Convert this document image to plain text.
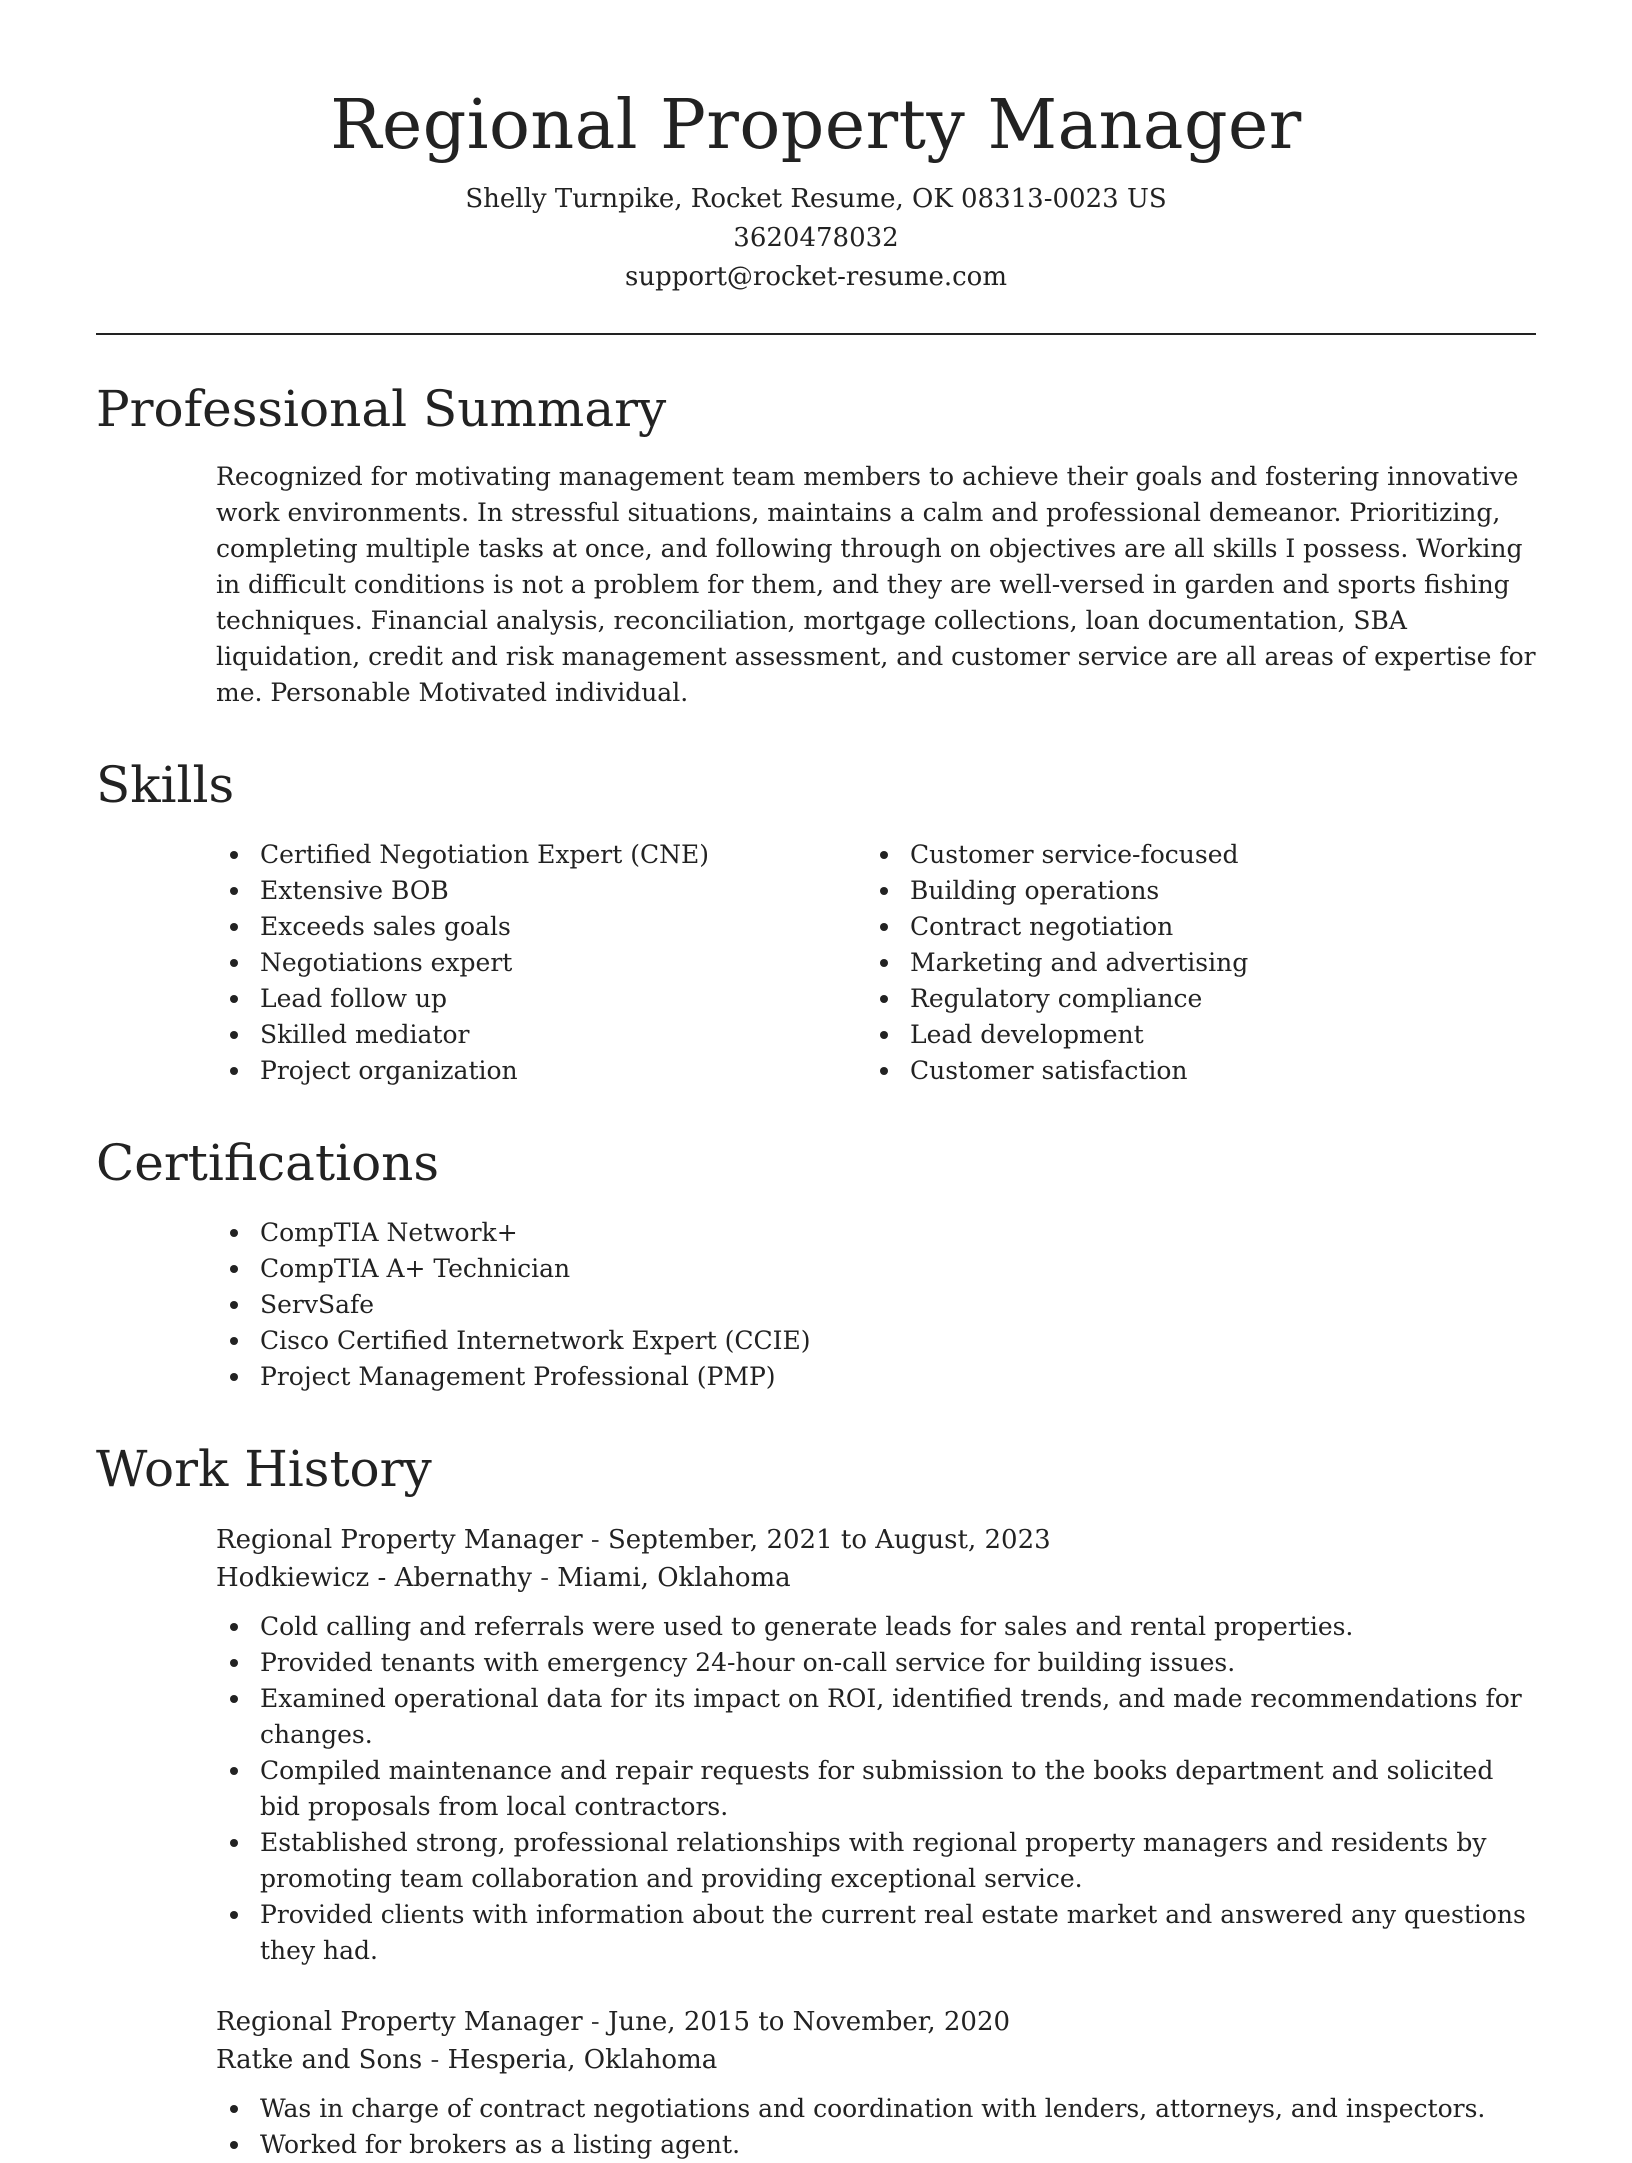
Regional Property Manager
Shelly Turnpike, Rocket Resume, OK 08313-0023 US
3620478032
support@rocket-resume.com
Professional Summary

Recognized for motivating management team members to achieve their goals and fostering innovative work environments. In stressful situations, maintains a calm and professional demeanor. Prioritizing, completing multiple tasks at once, and following through on objectives are all skills I possess. Working in difficult conditions is not a problem for them, and they are well-versed in garden and sports fishing techniques. Financial analysis, reconciliation, mortgage collections, loan documentation, SBA liquidation, credit and risk management assessment, and customer service are all areas of expertise for me. Personable Motivated individual.

Skills
Certified Negotiation Expert (CNE)
Extensive BOB
Exceeds sales goals
Negotiations expert
Lead follow up
Skilled mediator
Project organization
Customer service-focused
Building operations
Contract negotiation
Marketing and advertising
Regulatory compliance
Lead development
Customer satisfaction
Certifications
CompTIA Network+
CompTIA A+ Technician
ServSafe
Cisco Certified Internetwork Expert (CCIE)
Project Management Professional (PMP)
Work History
Regional Property Manager - September, 2021 to August, 2023
Hodkiewicz - Abernathy - Miami, Oklahoma
Cold calling and referrals were used to generate leads for sales and rental properties.
Provided tenants with emergency 24-hour on-call service for building issues.
Examined operational data for its impact on ROI, identified trends, and made recommendations for changes.
Compiled maintenance and repair requests for submission to the books department and solicited bid proposals from local contractors.
Established strong, professional relationships with regional property managers and residents by promoting team collaboration and providing exceptional service.
Provided clients with information about the current real estate market and answered any questions they had.
Regional Property Manager - June, 2015 to November, 2020
Ratke and Sons - Hesperia, Oklahoma
Was in charge of contract negotiations and coordination with lenders, attorneys, and inspectors.
Worked for brokers as a listing agent.
